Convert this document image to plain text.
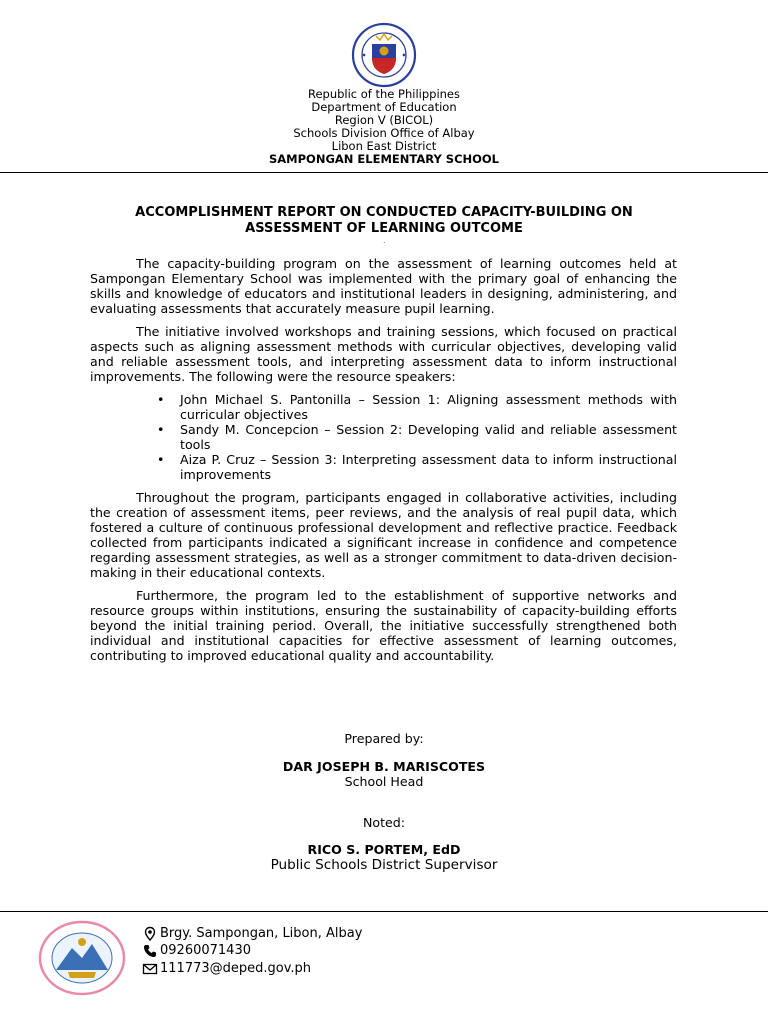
Republic of the Philippines
Department of Education
Region V (BICOL)
Schools Division Office of Albay
Libon East District
SAMPONGAN ELEMENTARY SCHOOL
ACCOMPLISHMENT REPORT ON CONDUCTED CAPACITY-BUILDING ON
ASSESSMENT OF LEARNING OUTCOME
.

The capacity-building program on the assessment of learning outcomes held at Sampongan Elementary School was implemented with the primary goal of enhancing the skills and knowledge of educators and institutional leaders in designing, administering, and evaluating assessments that accurately measure pupil learning.

The initiative involved workshops and training sessions, which focused on practical aspects such as aligning assessment methods with curricular objectives, developing valid and reliable assessment tools, and interpreting assessment data to inform instructional improvements. The following were the resource speakers:

• John Michael S. Pantonilla – Session 1: Aligning assessment methods with curricular objectives
• Sandy M. Concepcion – Session 2: Developing valid and reliable assessment tools
• Aiza P. Cruz – Session 3: Interpreting assessment data to inform instructional improvements

Throughout the program, participants engaged in collaborative activities, including the creation of assessment items, peer reviews, and the analysis of real pupil data, which fostered a culture of continuous professional development and reflective practice. Feedback collected from participants indicated a significant increase in confidence and competence regarding assessment strategies, as well as a stronger commitment to data-driven decision-making in their educational contexts.

Furthermore, the program led to the establishment of supportive networks and resource groups within institutions, ensuring the sustainability of capacity-building efforts beyond the initial training period. Overall, the initiative successfully strengthened both individual and institutional capacities for effective assessment of learning outcomes, contributing to improved educational quality and accountability.

Prepared by:
DAR JOSEPH B. MARISCOTES
School Head
Noted:
RICO S. PORTEM, EdD
Public Schools District Supervisor
Brgy. Sampongan, Libon, Albay
09260071430
111773@deped.gov.ph
